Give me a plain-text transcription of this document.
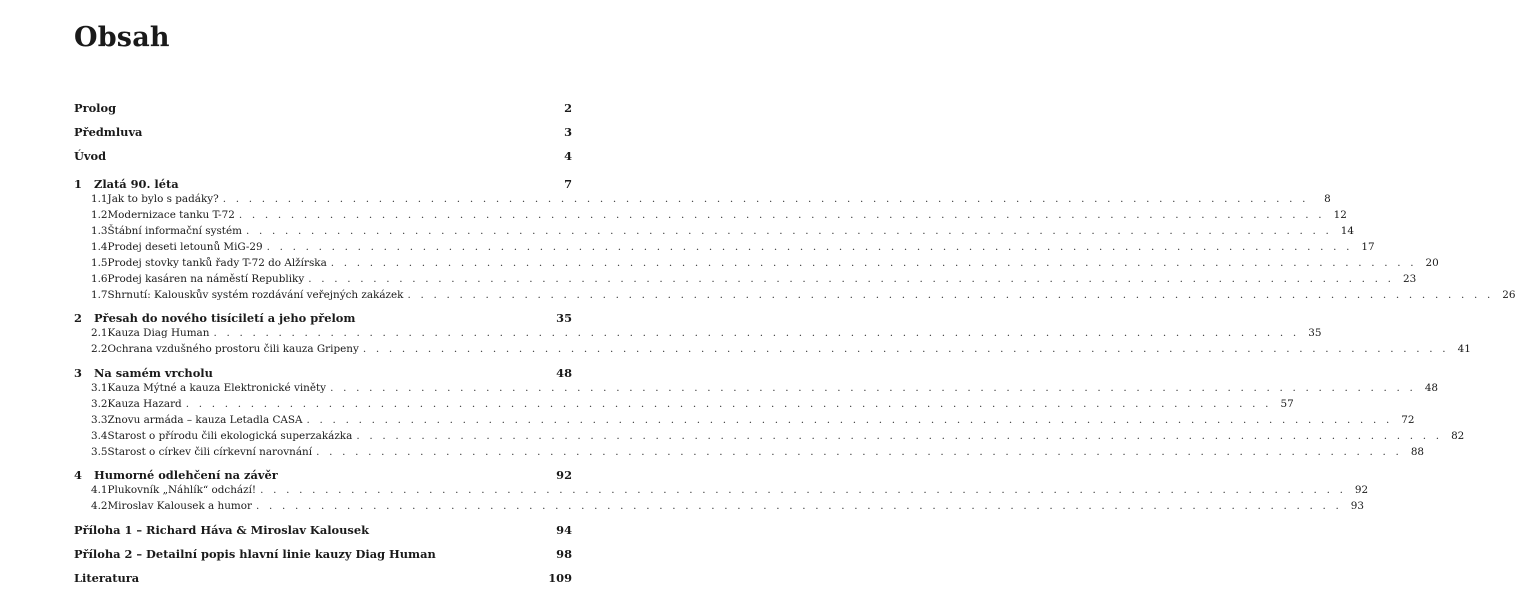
Obsah
Prolog	2
Předmluva	3
Úvod	4
1	Zlatá 90. léta	7
1.1 Jak to bylo s padáky? . . .	8
1.2 Modernizace tanku T-72 . . .	12
1.3 Štábní informační systém . . .	14
1.4 Prodej deseti letounů MiG-29 . . .	17
1.5 Prodej stovky tanků řady T-72 do Alžírska . . .	20
1.6 Prodej kasáren na náměstí Republiky . . .	23
1.7 Shrnutí: Kalouskův systém rozdávání veřejných zakázek . . .	26
2	Přesah do nového tisíciletí a jeho přelom	35
2.1 Kauza Diag Human . . .	35
2.2 Ochrana vzdušného prostoru čili kauza Gripeny . . .	41
3	Na samém vrcholu	48
3.1 Kauza Mýtné a kauza Elektronické viněty . . .	48
3.2 Kauza Hazard . . .	57
3.3 Znovu armáda – kauza Letadla CASA . . .	72
3.4 Starost o přírodu čili ekologická superzakázka . . .	82
3.5 Starost o církev čili církevní narovnání . . .	88
4	Humorné odlehčení na závěr	92
4.1 Plukovník „Náhlík“ odchází! . . .	92
4.2 Miroslav Kalousek a humor . . .	93
Příloha 1 – Richard Háva & Miroslav Kalousek	94
Příloha 2 – Detailní popis hlavní linie kauzy Diag Human	98
Literatura	109
